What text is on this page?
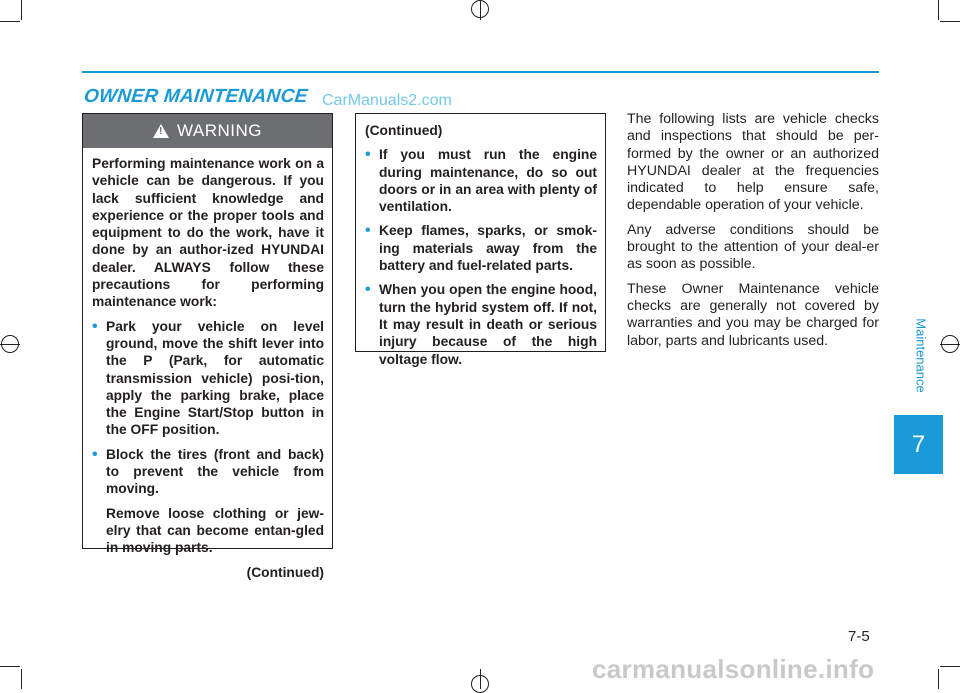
OWNER MAINTENANCE CarManuals2.com
!
WARNING

Performing maintenance work on a vehicle can be dangerous. If you lack sufficient knowledge and experience or the proper tools and equipment to do the work, have it done by an author-ized HYUNDAI dealer. ALWAYS follow these precautions for performing maintenance work:

• Park your vehicle on level ground, move the shift lever into the P (Park, for automatic transmission vehicle) posi-tion, apply the parking brake, place the Engine Start/Stop button in the OFF position.
• Block the tires (front and back) to prevent the vehicle from moving.

Remove loose clothing or jew-elry that can become entan-gled in moving parts.

(Continued)

(Continued)

• If you must run the engine during maintenance, do so out doors or in an area with plenty of ventilation.
• Keep flames, sparks, or smok-ing materials away from the battery and fuel-related parts.
• When you open the engine hood, turn the hybrid system off. If not, It may result in death or serious injury because of the high voltage flow.

The following lists are vehicle checks and inspections that should be per-formed by the owner or an authorized HYUNDAI dealer at the frequencies indicated to help ensure safe, dependable operation of your vehicle.

Any adverse conditions should be brought to the attention of your deal-er as soon as possible.

These Owner Maintenance vehicle checks are generally not covered by warranties and you may be charged for labor, parts and lubricants used.	Maintenance
7
7-5
carmanualsonline.info
